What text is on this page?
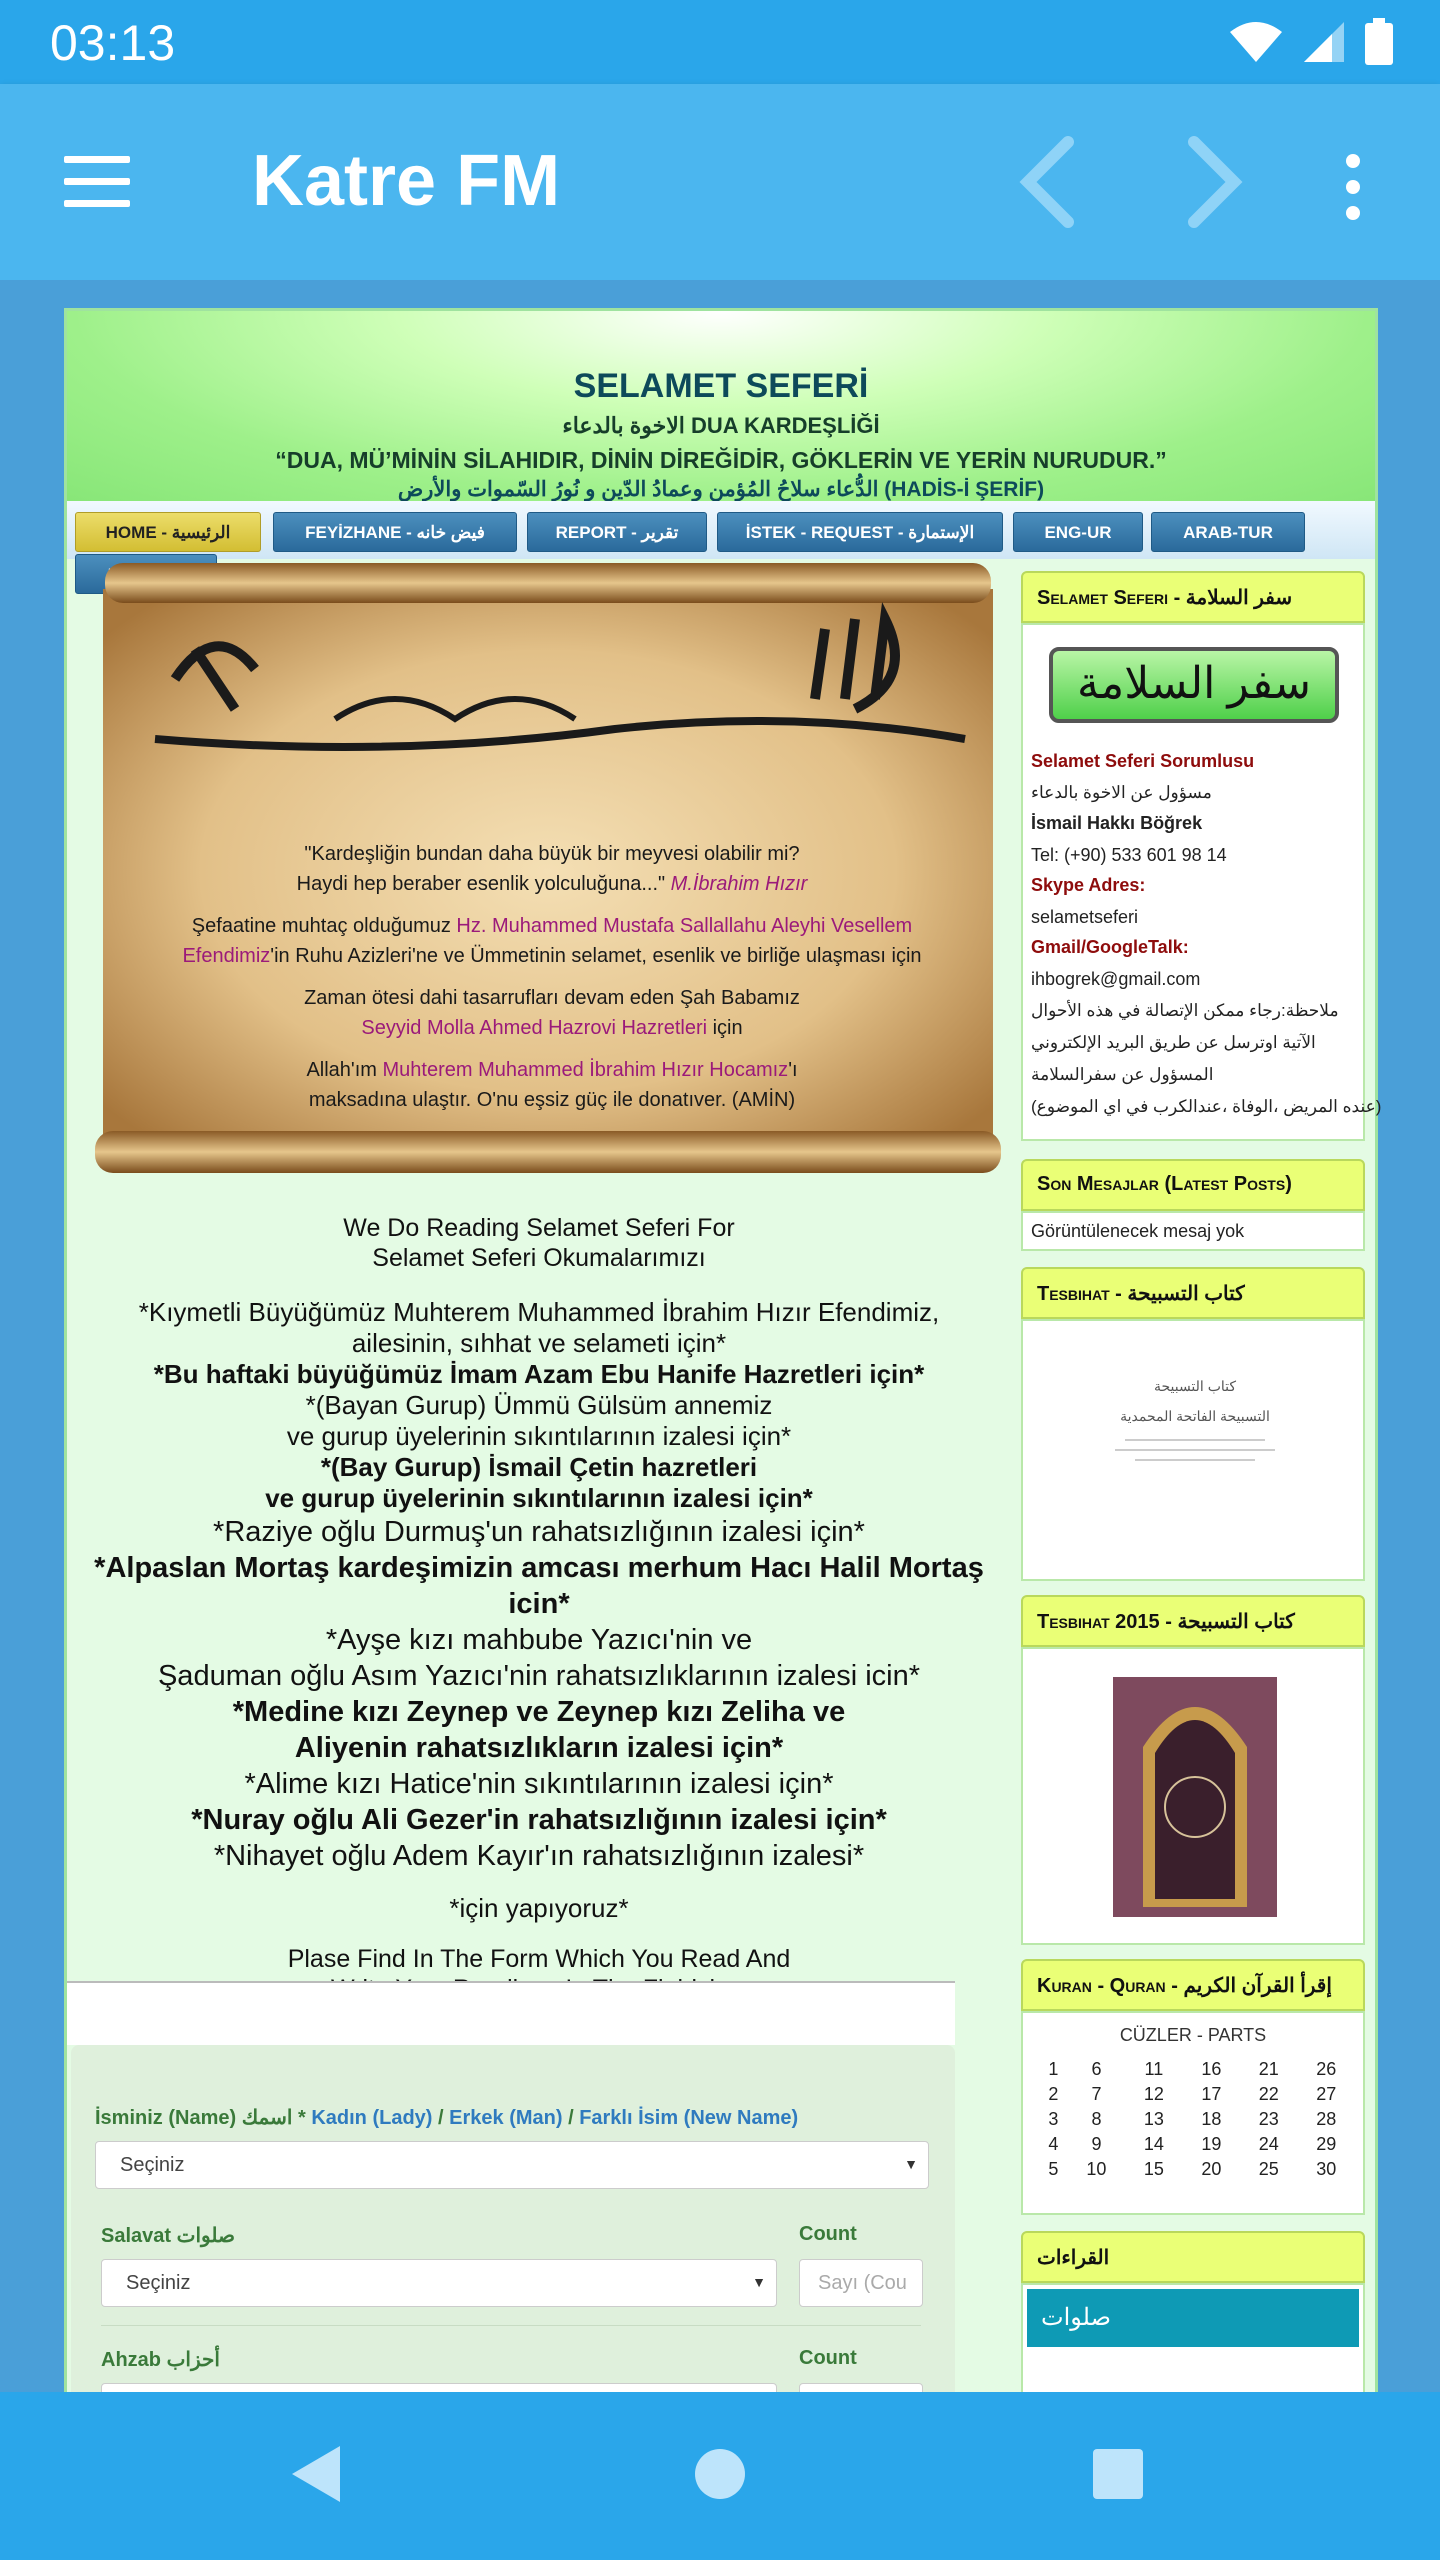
03:13
Katre FM
SELAMET SEFERİ
الاخوة بالدعاء DUA KARDEŞLİĞİ
“DUA, MÜ’MİNİN SİLAHIDIR, DİNİN DİREĞİDİR, GÖKLERİN VE YERİN NURUDUR.”
الدُّعاء سلاحُ المُؤمن وعمادُ الدّين و نُورُ السّموات والأرض (HADİS-İ ŞERİF)
HOME - الرئيسية	FEYİZHANE - فيض خانه	REPORT - تقرير	İSTEK - REQUEST - الإستمارة	ENG-UR	ARAB-TUR
"Kardeşliğin bundan daha büyük bir meyvesi olabilir mi?
Haydi hep beraber esenlik yolculuğuna..." M.İbrahim Hızır
Şefaatine muhtaç olduğumuz Hz. Muhammed Mustafa Sallallahu Aleyhi Vesellem
Efendimiz'in Ruhu Azizleri'ne ve Ümmetinin selamet, esenlik ve birliğe ulaşması için
Zaman ötesi dahi tasarrufları devam eden Şah Babamız
Seyyid Molla Ahmed Hazrovi Hazretleri için
Allah'ım Muhterem Muhammed İbrahim Hızır Hocamız'ı
maksadına ulaştır. O'nu eşsiz güç ile donatıver. (AMİN)
We Do Reading Selamet Seferi For
Selamet Seferi Okumalarımızı
*Kıymetli Büyüğümüz Muhterem Muhammed İbrahim Hızır Efendimiz,
ailesinin, sıhhat ve selameti için*
*Bu haftaki büyüğümüz İmam Azam Ebu Hanife Hazretleri için*
*(Bayan Gurup) Ümmü Gülsüm annemiz
ve gurup üyelerinin sıkıntılarının izalesi için*
*(Bay Gurup) İsmail Çetin hazretleri
ve gurup üyelerinin sıkıntılarının izalesi için*
*Raziye oğlu Durmuş'un rahatsızlığının izalesi için*
*Alpaslan Mortaş kardeşimizin amcası merhum Hacı Halil Mortaş icin*
*Ayşe kızı mahbube Yazıcı'nin ve
Şaduman oğlu Asım Yazıcı'nin rahatsızlıklarının izalesi icin*
*Medine kızı Zeynep ve Zeynep kızı Zeliha ve
Aliyenin rahatsızlıkların izalesi için*
*Alime kızı Hatice'nin sıkıntılarının izalesi için*
*Nuray oğlu Ali Gezer'in rahatsızlığının izalesi için*
*Nihayet oğlu Adem Kayır'ın rahatsızlığının izalesi*
*için yapıyoruz*
Plase Find In The Form Which You Read And
İsminiz (Name) اسمك * Kadın (Lady) / Erkek (Man) / Farklı İsim (New Name)
Seçiniz	▼
Salavat صلوات	Count
Seçiniz	▼	Sayı (Cou
Ahzab أحزاب	Count
Selamet Seferi - سفر السلامة
سفر السلامة
Selamet Seferi Sorumlusu
مسؤول عن الاخوة بالدعاء
İsmail Hakkı Böğrek
Tel: (+90) 533 601 98 14
Skype Adres:
selametseferi
Gmail/GoogleTalk:
ihbogrek@gmail.com
ملاحظة:رجاء ممكن الإتصالة في هذه الأحوال
الآتية اوترسل عن طريق البريد الإلكتروني
المسؤول عن سفرالسلامة
(عنده المريض ،الوفاة ،عندالكرب في اي الموضوع)
Son Mesajlar (Latest Posts)
Görüntülenecek mesaj yok
Tesbihat - كتاب التسبيحة
كتاب التسبيحة
التسبيحة الفاتحة المحمدية
Tesbihat 2015 - كتاب التسبيحة
Kuran - Quran - إقرأ القرآن الكريم
CÜZLER - PARTS
1	6	11	16	21	26
2	7	12	17	22	27
3	8	13	18	23	28
4	9	14	19	24	29
5	10	15	20	25	30
القراءات
صلوات
